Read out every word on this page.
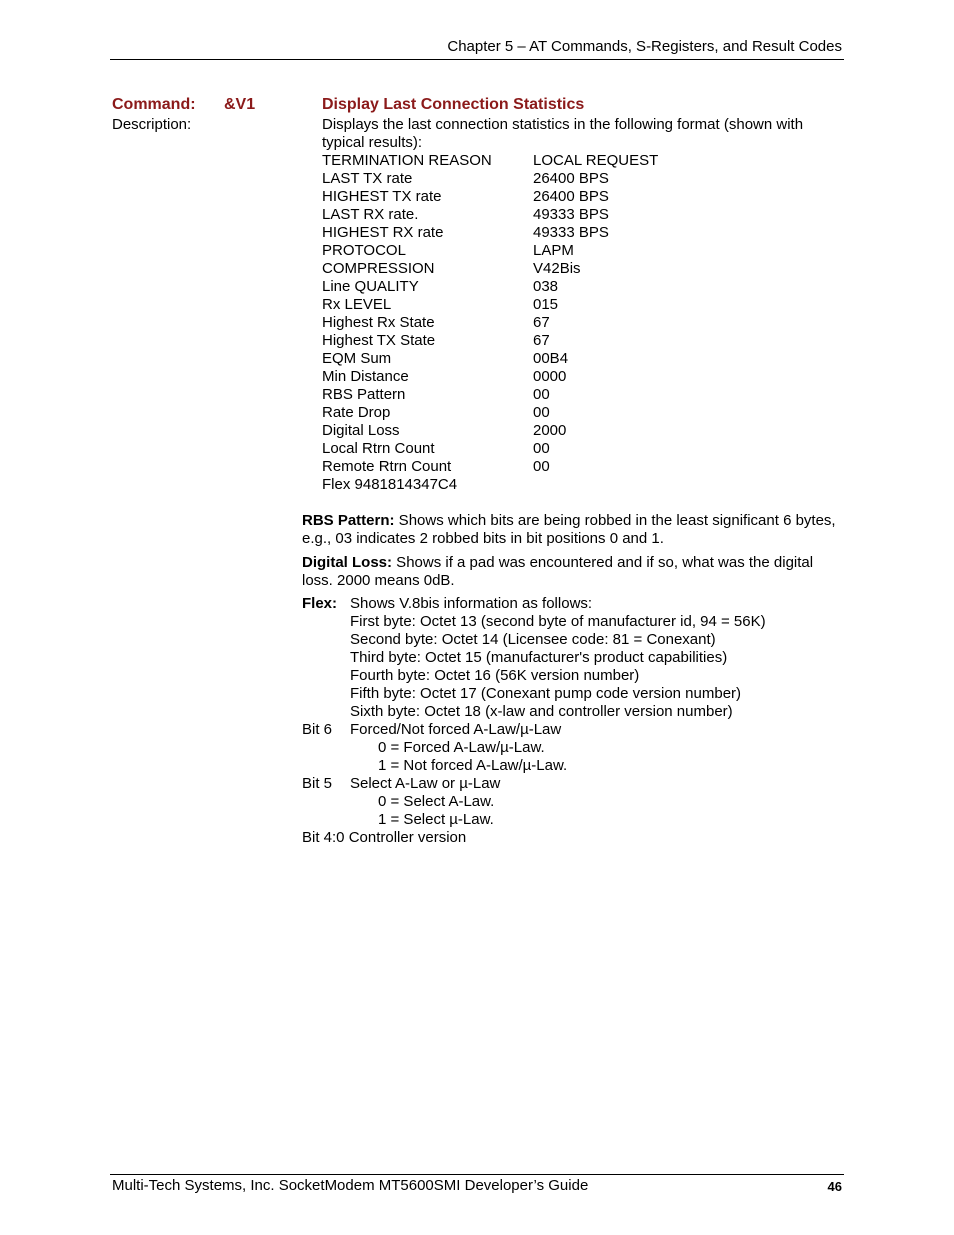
Chapter 5 – AT Commands, S-Registers, and Result Codes
Command: &V1	Display Last Connection Statistics
Description:	Displays the last connection statistics in the following format (shown with typical results):
TERMINATION REASON	LOCAL REQUEST
LAST TX rate	26400 BPS
HIGHEST TX rate	26400 BPS
LAST RX rate.	49333 BPS
HIGHEST RX rate	49333 BPS
PROTOCOL	LAPM
COMPRESSION	V42Bis
Line QUALITY	038
Rx LEVEL	015
Highest Rx State	67
Highest TX State	67
EQM Sum	00B4
Min Distance	0000
RBS Pattern	00
Rate Drop	00
Digital Loss	2000
Local Rtrn Count	00
Remote Rtrn Count	00
Flex 9481814347C4
RBS Pattern: Shows which bits are being robbed in the least significant 6 bytes, e.g., 03 indicates 2 robbed bits in bit positions 0 and 1.
Digital Loss: Shows if a pad was encountered and if so, what was the digital loss. 2000 means 0dB.
Flex: Shows V.8bis information as follows:
First byte: Octet 13 (second byte of manufacturer id, 94 = 56K)
Second byte: Octet 14 (Licensee code: 81 = Conexant)
Third byte: Octet 15 (manufacturer's product capabilities)
Fourth byte: Octet 16 (56K version number)
Fifth byte: Octet 17 (Conexant pump code version number)
Sixth byte: Octet 18 (x-law and controller version number)
Bit 6 Forced/Not forced A-Law/µ-Law
0 = Forced A-Law/µ-Law.
1 = Not forced A-Law/µ-Law.
Bit 5 Select A-Law or µ-Law
0 = Select A-Law.
1 = Select µ-Law.
Bit 4:0 Controller version
Multi-Tech Systems, Inc. SocketModem MT5600SMI Developer’s Guide	46
